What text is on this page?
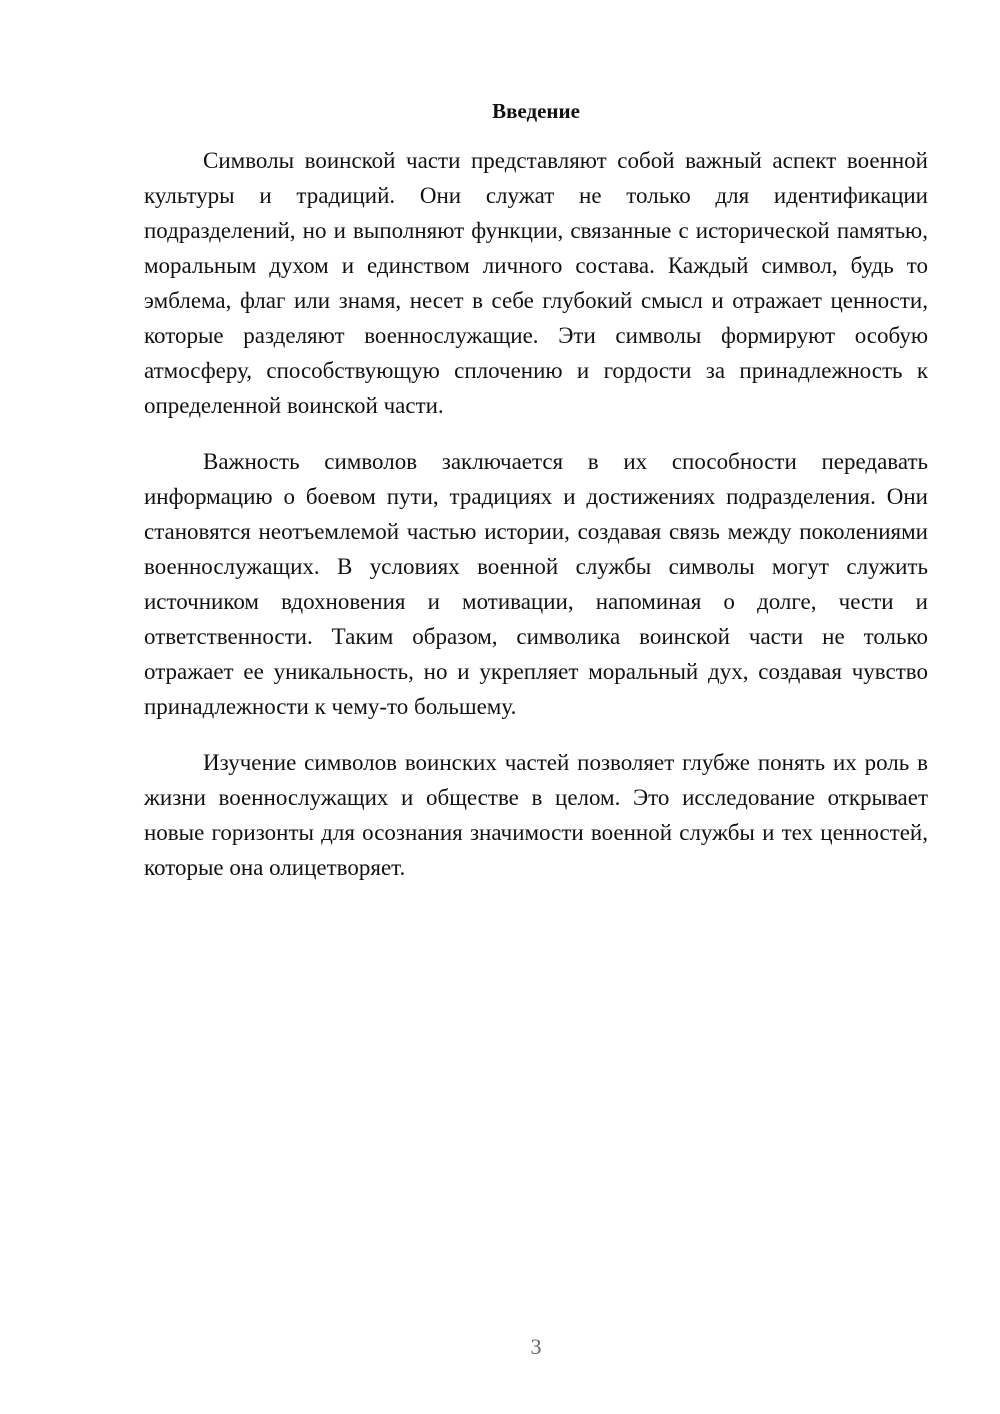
Введение

Символы воинской части представляют собой важный аспект военной культуры и традиций. Они служат не только для идентификации подразделений, но и выполняют функции, связанные с исторической памятью, моральным духом и единством личного состава. Каждый символ, будь то эмблема, флаг или знамя, несет в себе глубокий смысл и отражает ценности, которые разделяют военнослужащие. Эти символы формируют особую атмосферу, способствующую сплочению и гордости за принадлежность к определенной воинской части.

Важность символов заключается в их способности передавать информацию о боевом пути, традициях и достижениях подразделения. Они становятся неотъемлемой частью истории, создавая связь между поколениями военнослужащих. В условиях военной службы символы могут служить источником вдохновения и мотивации, напоминая о долге, чести и ответственности. Таким образом, символика воинской части не только отражает ее уникальность, но и укрепляет моральный дух, создавая чувство принадлежности к чему-то большему.

Изучение символов воинских частей позволяет глубже понять их роль в жизни военнослужащих и обществе в целом. Это исследование открывает новые горизонты для осознания значимости военной службы и тех ценностей, которые она олицетворяет.

3
